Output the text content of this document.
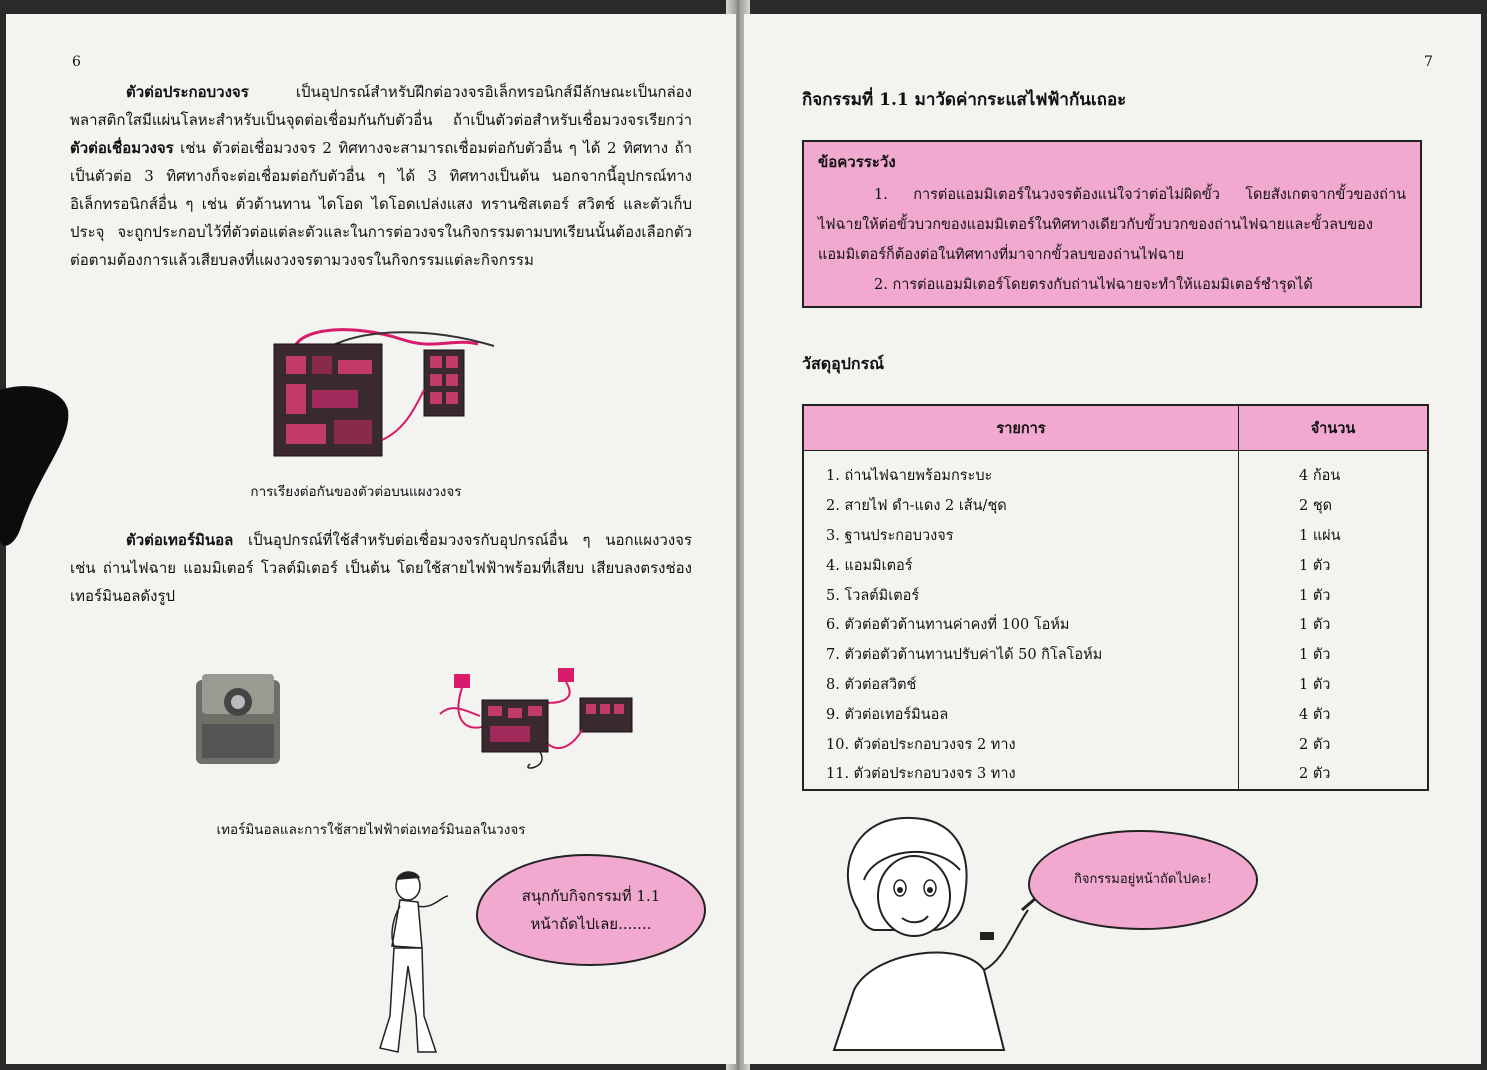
6
ตัวต่อประกอบวงจร เป็นอุปกรณ์สำหรับฝึกต่อวงจรอิเล็กทรอนิกส์มีลักษณะเป็นกล่องพลาสติกใสมีแผ่นโลหะสำหรับเป็นจุดต่อเชื่อมกันกับตัวอื่น ถ้าเป็นตัวต่อสำหรับเชื่อมวงจรเรียกว่า ตัวต่อเชื่อมวงจร เช่น ตัวต่อเชื่อมวงจร 2 ทิศทางจะสามารถเชื่อมต่อกับตัวอื่น ๆ ได้ 2 ทิศทาง ถ้าเป็นตัวต่อ 3 ทิศทางก็จะต่อเชื่อมต่อกับตัวอื่น ๆ ได้ 3 ทิศทางเป็นต้น นอกจากนี้อุปกรณ์ทางอิเล็กทรอนิกส์อื่น ๆ เช่น ตัวต้านทาน ไดโอด ไดโอดเปล่งแสง ทรานซิสเตอร์ สวิตช์ และตัวเก็บประจุ จะถูกประกอบไว้ที่ตัวต่อแต่ละตัวและในการต่อวงจรในกิจกรรมตามบทเรียนนั้นต้องเลือกตัวต่อตามต้องการแล้วเสียบลงที่แผงวงจรตามวงจรในกิจกรรมแต่ละกิจกรรม
การเรียงต่อกันของตัวต่อบนแผงวงจร
ตัวต่อเทอร์มินอล เป็นอุปกรณ์ที่ใช้สำหรับต่อเชื่อมวงจรกับอุปกรณ์อื่น ๆ นอกแผงวงจร เช่น ถ่านไฟฉาย แอมมิเตอร์ โวลต์มิเตอร์ เป็นต้น โดยใช้สายไฟฟ้าพร้อมที่เสียบ เสียบลงตรงช่องเทอร์มินอลดังรูป
เทอร์มินอลและการใช้สายไฟฟ้าต่อเทอร์มินอลในวงจร
สนุกกับกิจกรรมที่ 1.1
หน้าถัดไปเลย.......
7
กิจกรรมที่ 1.1 มาวัดค่ากระแสไฟฟ้ากันเถอะ
ข้อควรระวัง

1. การต่อแอมมิเตอร์ในวงจรต้องแน่ใจว่าต่อไม่ผิดขั้ว โดยสังเกตจากขั้วของถ่านไฟฉายให้ต่อขั้วบวกของแอมมิเตอร์ในทิศทางเดียวกับขั้วบวกของถ่านไฟฉายและขั้วลบของแอมมิเตอร์ก็ต้องต่อในทิศทางที่มาจากขั้วลบของถ่านไฟฉาย

2. การต่อแอมมิเตอร์โดยตรงกับถ่านไฟฉายจะทำให้แอมมิเตอร์ชำรุดได้

วัสดุอุปกรณ์
รายการ	จำนวน
1. ถ่านไฟฉายพร้อมกระบะ	4 ก้อน
2. สายไฟ ดำ-แดง 2 เส้น/ชุด	2 ชุด
3. ฐานประกอบวงจร	1 แผ่น
4. แอมมิเตอร์	1 ตัว
5. โวลต์มิเตอร์	1 ตัว
6. ตัวต่อตัวต้านทานค่าคงที่ 100 โอห์ม	1 ตัว
7. ตัวต่อตัวต้านทานปรับค่าได้ 50 กิโลโอห์ม	1 ตัว
8. ตัวต่อสวิตช์	1 ตัว
9. ตัวต่อเทอร์มินอล	4 ตัว
10. ตัวต่อประกอบวงจร 2 ทาง	2 ตัว
11. ตัวต่อประกอบวงจร 3 ทาง	2 ตัว
กิจกรรมอยู่หน้าถัดไปคะ!
